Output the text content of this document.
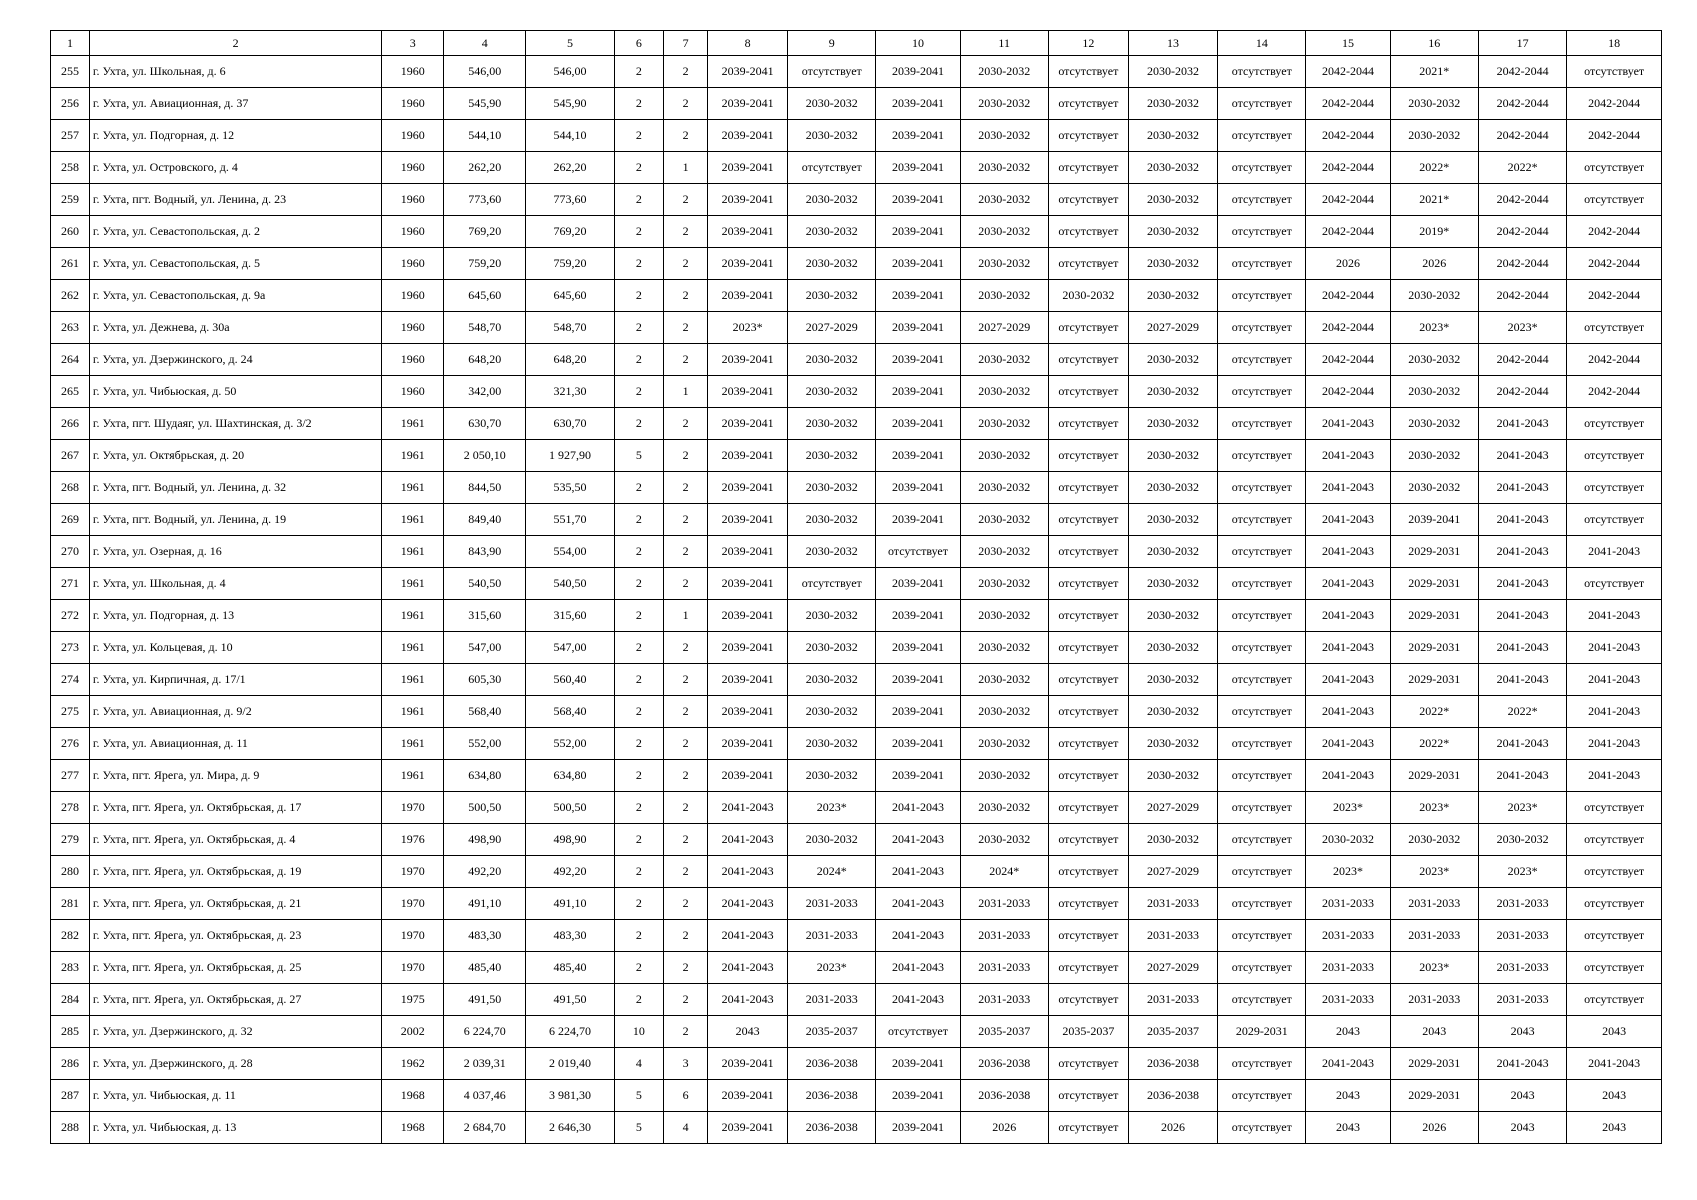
1	2	3	4	5	6	7	8	9	10	11	12	13	14	15	16	17	18
255	г. Ухта, ул. Школьная, д. 6	1960	546,00	546,00	2	2	2039-2041	отсутствует	2039-2041	2030-2032	отсутствует	2030-2032	отсутствует	2042-2044	2021*	2042-2044	отсутствует
256	г. Ухта, ул. Авиационная, д. 37	1960	545,90	545,90	2	2	2039-2041	2030-2032	2039-2041	2030-2032	отсутствует	2030-2032	отсутствует	2042-2044	2030-2032	2042-2044	2042-2044
257	г. Ухта, ул. Подгорная, д. 12	1960	544,10	544,10	2	2	2039-2041	2030-2032	2039-2041	2030-2032	отсутствует	2030-2032	отсутствует	2042-2044	2030-2032	2042-2044	2042-2044
258	г. Ухта, ул. Островского, д. 4	1960	262,20	262,20	2	1	2039-2041	отсутствует	2039-2041	2030-2032	отсутствует	2030-2032	отсутствует	2042-2044	2022*	2022*	отсутствует
259	г. Ухта, пгт. Водный, ул. Ленина, д. 23	1960	773,60	773,60	2	2	2039-2041	2030-2032	2039-2041	2030-2032	отсутствует	2030-2032	отсутствует	2042-2044	2021*	2042-2044	отсутствует
260	г. Ухта, ул. Севастопольская, д. 2	1960	769,20	769,20	2	2	2039-2041	2030-2032	2039-2041	2030-2032	отсутствует	2030-2032	отсутствует	2042-2044	2019*	2042-2044	2042-2044
261	г. Ухта, ул. Севастопольская, д. 5	1960	759,20	759,20	2	2	2039-2041	2030-2032	2039-2041	2030-2032	отсутствует	2030-2032	отсутствует	2026	2026	2042-2044	2042-2044
262	г. Ухта, ул. Севастопольская, д. 9а	1960	645,60	645,60	2	2	2039-2041	2030-2032	2039-2041	2030-2032	2030-2032	2030-2032	отсутствует	2042-2044	2030-2032	2042-2044	2042-2044
263	г. Ухта, ул. Дежнева, д. 30а	1960	548,70	548,70	2	2	2023*	2027-2029	2039-2041	2027-2029	отсутствует	2027-2029	отсутствует	2042-2044	2023*	2023*	отсутствует
264	г. Ухта, ул. Дзержинского, д. 24	1960	648,20	648,20	2	2	2039-2041	2030-2032	2039-2041	2030-2032	отсутствует	2030-2032	отсутствует	2042-2044	2030-2032	2042-2044	2042-2044
265	г. Ухта, ул. Чибьюская, д. 50	1960	342,00	321,30	2	1	2039-2041	2030-2032	2039-2041	2030-2032	отсутствует	2030-2032	отсутствует	2042-2044	2030-2032	2042-2044	2042-2044
266	г. Ухта, пгт. Шудаяг, ул. Шахтинская, д. 3/2	1961	630,70	630,70	2	2	2039-2041	2030-2032	2039-2041	2030-2032	отсутствует	2030-2032	отсутствует	2041-2043	2030-2032	2041-2043	отсутствует
267	г. Ухта, ул. Октябрьская, д. 20	1961	2 050,10	1 927,90	5	2	2039-2041	2030-2032	2039-2041	2030-2032	отсутствует	2030-2032	отсутствует	2041-2043	2030-2032	2041-2043	отсутствует
268	г. Ухта, пгт. Водный, ул. Ленина, д. 32	1961	844,50	535,50	2	2	2039-2041	2030-2032	2039-2041	2030-2032	отсутствует	2030-2032	отсутствует	2041-2043	2030-2032	2041-2043	отсутствует
269	г. Ухта, пгт. Водный, ул. Ленина, д. 19	1961	849,40	551,70	2	2	2039-2041	2030-2032	2039-2041	2030-2032	отсутствует	2030-2032	отсутствует	2041-2043	2039-2041	2041-2043	отсутствует
270	г. Ухта, ул. Озерная, д. 16	1961	843,90	554,00	2	2	2039-2041	2030-2032	отсутствует	2030-2032	отсутствует	2030-2032	отсутствует	2041-2043	2029-2031	2041-2043	2041-2043
271	г. Ухта, ул. Школьная, д. 4	1961	540,50	540,50	2	2	2039-2041	отсутствует	2039-2041	2030-2032	отсутствует	2030-2032	отсутствует	2041-2043	2029-2031	2041-2043	отсутствует
272	г. Ухта, ул. Подгорная, д. 13	1961	315,60	315,60	2	1	2039-2041	2030-2032	2039-2041	2030-2032	отсутствует	2030-2032	отсутствует	2041-2043	2029-2031	2041-2043	2041-2043
273	г. Ухта, ул. Кольцевая, д. 10	1961	547,00	547,00	2	2	2039-2041	2030-2032	2039-2041	2030-2032	отсутствует	2030-2032	отсутствует	2041-2043	2029-2031	2041-2043	2041-2043
274	г. Ухта, ул. Кирпичная, д. 17/1	1961	605,30	560,40	2	2	2039-2041	2030-2032	2039-2041	2030-2032	отсутствует	2030-2032	отсутствует	2041-2043	2029-2031	2041-2043	2041-2043
275	г. Ухта, ул. Авиационная, д. 9/2	1961	568,40	568,40	2	2	2039-2041	2030-2032	2039-2041	2030-2032	отсутствует	2030-2032	отсутствует	2041-2043	2022*	2022*	2041-2043
276	г. Ухта, ул. Авиационная, д. 11	1961	552,00	552,00	2	2	2039-2041	2030-2032	2039-2041	2030-2032	отсутствует	2030-2032	отсутствует	2041-2043	2022*	2041-2043	2041-2043
277	г. Ухта, пгт. Ярега, ул. Мира, д. 9	1961	634,80	634,80	2	2	2039-2041	2030-2032	2039-2041	2030-2032	отсутствует	2030-2032	отсутствует	2041-2043	2029-2031	2041-2043	2041-2043
278	г. Ухта, пгт. Ярега, ул. Октябрьская, д. 17	1970	500,50	500,50	2	2	2041-2043	2023*	2041-2043	2030-2032	отсутствует	2027-2029	отсутствует	2023*	2023*	2023*	отсутствует
279	г. Ухта, пгт. Ярега, ул. Октябрьская, д. 4	1976	498,90	498,90	2	2	2041-2043	2030-2032	2041-2043	2030-2032	отсутствует	2030-2032	отсутствует	2030-2032	2030-2032	2030-2032	отсутствует
280	г. Ухта, пгт. Ярега, ул. Октябрьская, д. 19	1970	492,20	492,20	2	2	2041-2043	2024*	2041-2043	2024*	отсутствует	2027-2029	отсутствует	2023*	2023*	2023*	отсутствует
281	г. Ухта, пгт. Ярега, ул. Октябрьская, д. 21	1970	491,10	491,10	2	2	2041-2043	2031-2033	2041-2043	2031-2033	отсутствует	2031-2033	отсутствует	2031-2033	2031-2033	2031-2033	отсутствует
282	г. Ухта, пгт. Ярега, ул. Октябрьская, д. 23	1970	483,30	483,30	2	2	2041-2043	2031-2033	2041-2043	2031-2033	отсутствует	2031-2033	отсутствует	2031-2033	2031-2033	2031-2033	отсутствует
283	г. Ухта, пгт. Ярега, ул. Октябрьская, д. 25	1970	485,40	485,40	2	2	2041-2043	2023*	2041-2043	2031-2033	отсутствует	2027-2029	отсутствует	2031-2033	2023*	2031-2033	отсутствует
284	г. Ухта, пгт. Ярега, ул. Октябрьская, д. 27	1975	491,50	491,50	2	2	2041-2043	2031-2033	2041-2043	2031-2033	отсутствует	2031-2033	отсутствует	2031-2033	2031-2033	2031-2033	отсутствует
285	г. Ухта, ул. Дзержинского, д. 32	2002	6 224,70	6 224,70	10	2	2043	2035-2037	отсутствует	2035-2037	2035-2037	2035-2037	2029-2031	2043	2043	2043	2043
286	г. Ухта, ул. Дзержинского, д. 28	1962	2 039,31	2 019,40	4	3	2039-2041	2036-2038	2039-2041	2036-2038	отсутствует	2036-2038	отсутствует	2041-2043	2029-2031	2041-2043	2041-2043
287	г. Ухта, ул. Чибьюская, д. 11	1968	4 037,46	3 981,30	5	6	2039-2041	2036-2038	2039-2041	2036-2038	отсутствует	2036-2038	отсутствует	2043	2029-2031	2043	2043
288	г. Ухта, ул. Чибьюская, д. 13	1968	2 684,70	2 646,30	5	4	2039-2041	2036-2038	2039-2041	2026	отсутствует	2026	отсутствует	2043	2026	2043	2043
